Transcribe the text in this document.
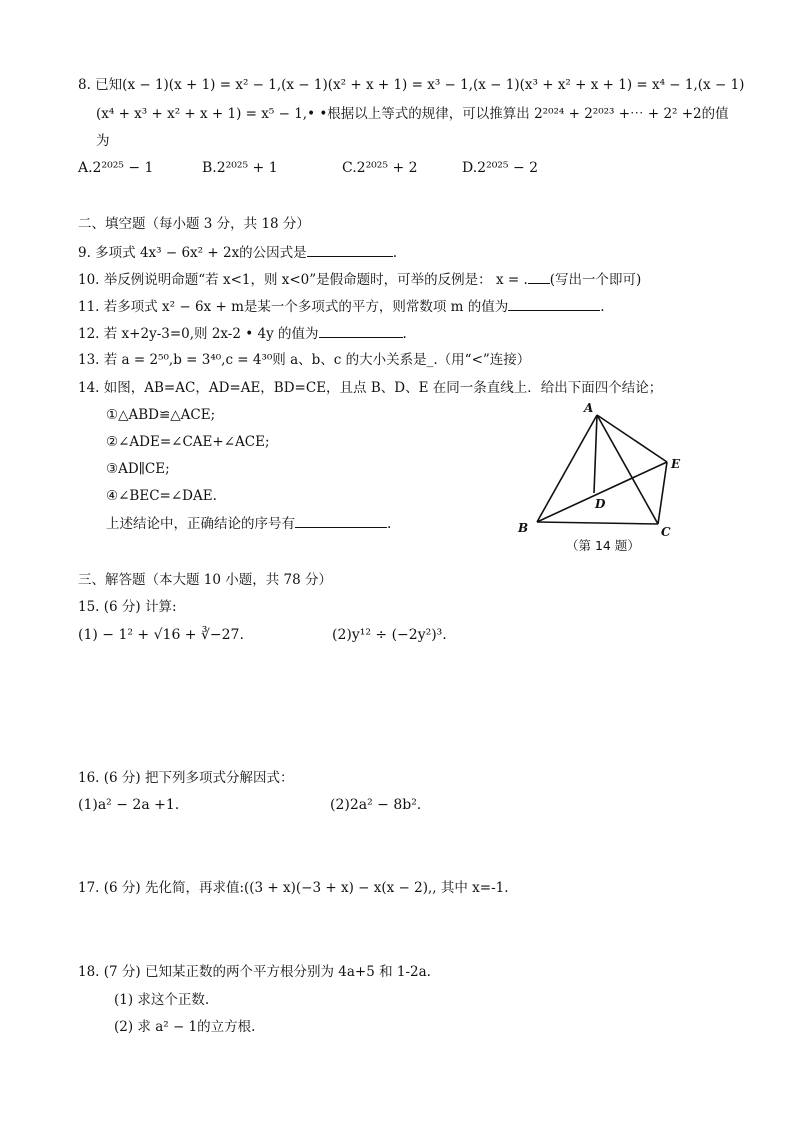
8. 已知(x − 1)(x + 1) = x² − 1,(x − 1)(x² + x + 1) = x³ − 1,(x − 1)(x³ + x² + x + 1) = x⁴ − 1,(x − 1)
(x⁴ + x³ + x² + x + 1) = x⁵ − 1,• •根据以上等式的规律，可以推算出 2²⁰²⁴ + 2²⁰²³ +⋯ + 2² +2的值
为
A.2²⁰²⁵ − 1	B.2²⁰²⁵ + 1	C.2²⁰²⁵ + 2	D.2²⁰²⁵ − 2
二、填空题（每小题 3 分，共 18 分）
9. 多项式 4x³ − 6x² + 2x的公因式是	.
10. 举反例说明命题“若 x<1，则 x<0”是假命题时，可举的反例是： x = . (写出一个即可)
11. 若多项式 x² − 6x + m是某一个多项式的平方，则常数项 m 的值为	.
12. 若 x+2y-3=0,则 2x-2 • 4y 的值为	.
13. 若 a = 2⁵⁰,b = 3⁴⁰,c = 4³⁰则 a、b、c 的大小关系是_.（用“<”连接）
14. 如图，AB=AC，AD=AE，BD=CE，且点 B、D、E 在同一条直线上．给出下面四个结论；
①△ABD≌△ACE;
②∠ADE=∠CAE+∠ACE;
③AD∥CE;
④∠BEC=∠DAE.
上述结论中，正确结论的序号有	.
A
B	C
D
E
（第 14 题）
三、解答题（本大题 10 小题，共 78 分）
15. (6 分) 计算:
(1) − 1² + √16 + ∛−27.	(2)y¹² ÷ (−2y²)³.
16. (6 分) 把下列多项式分解因式：
(1)a² − 2a +1.	(2)2a² − 8b².
17. (6 分) 先化简，再求值:((3 + x)(−3 + x) − x(x − 2),, 其中 x=-1.
18. (7 分) 已知某正数的两个平方根分别为 4a+5 和 1-2a.
(1) 求这个正数.
(2) 求 a² − 1的立方根.
